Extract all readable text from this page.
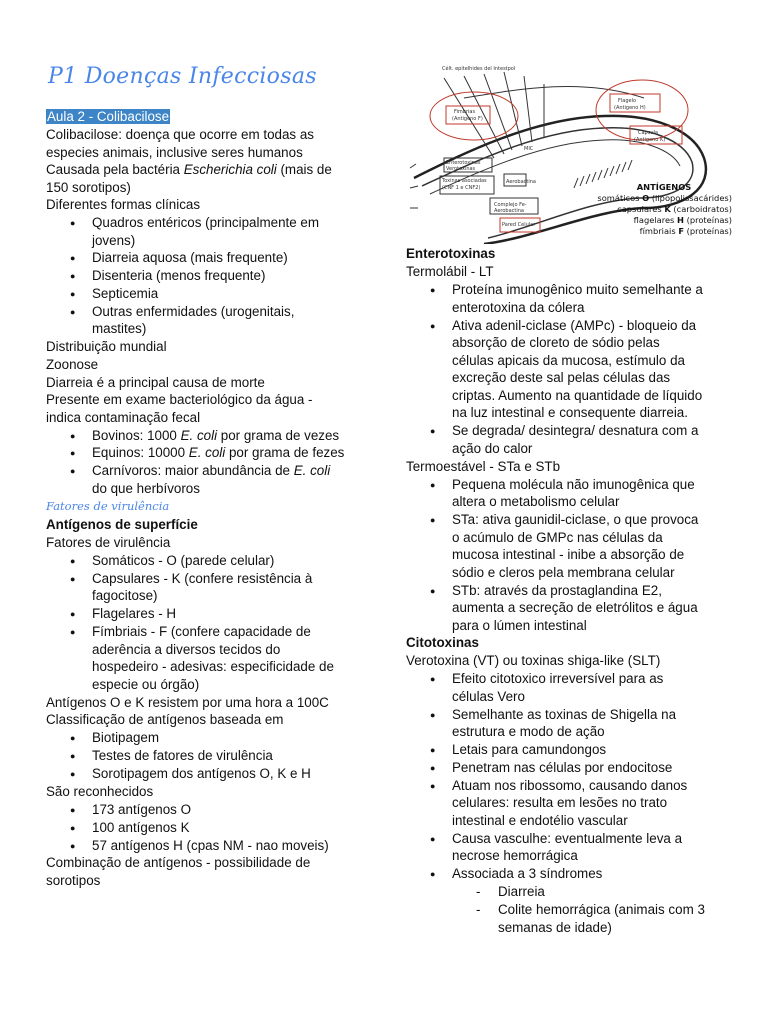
P1 Doenças Infecciosas
Aula 2 - Colibacilose
Colibacilose: doença que ocorre em todas as
especies animais, inclusive seres humanos
Causada pela bactéria Escherichia coli (mais de
150 sorotipos)
Diferentes formas clínicas
● Quadros entéricos (principalmente em
jovens)
● Diarreia aquosa (mais frequente)
● Disenteria (menos frequente)
● Septicemia
● Outras enfermidades (urogenitais,
mastites)
Distribuição mundial
Zoonose
Diarreia é a principal causa de morte
Presente em exame bacteriológico da água -
indica contaminação fecal
● Bovinos: 1000 E. coli por grama de vezes
● Equinos: 10000 E. coli por grama de fezes
● Carnívoros: maior abundância de E. coli
do que herbívoros
Fatores de virulência
Antígenos de superfície
Fatores de virulência
● Somáticos - O (parede celular)
● Capsulares - K (confere resistência à
fagocitose)
● Flagelares - H
● Fímbriais - F (confere capacidade de
aderência a diversos tecidos do
hospedeiro - adesivas: especificidade de
especie ou órgão)
Antígenos O e K resistem por uma hora a 100C
Classificação de antígenos baseada em
● Biotipagem
● Testes de fatores de virulência
● Sorotipagem dos antígenos O, K e H
São reconhecidos
● 173 antígenos O
● 100 antígenos K
● 57 antígenos H (cpas NM - nao moveis)
Combinação de antígenos - possibilidade de
sorotipos
Célt. epitelhides del Intestpol
Fimbrias
(Antigeno F)
Flagelo
(Antigeno H)
Cápsula
(Antigeno K)
Enterotoxinas
Verotoxinas
Toxinas asociadas
(CNF 1 e CNF2)
MIC
Aerobactina
Complejo Fe-
Aerobactina
Pared Celular
ANTÍGENOS
somáticos O (lipopolissacárides)
capsulares K (carboidratos)
flagelares H (proteínas)
fímbriais F (proteínas)
Enterotoxinas
Termolábil - LT
● Proteína imunogênico muito semelhante a
enterotoxina da cólera
● Ativa adenil-ciclase (AMPc) - bloqueio da
absorção de cloreto de sódio pelas
células apicais da mucosa, estímulo da
excreção deste sal pelas células das
criptas. Aumento na quantidade de líquido
na luz intestinal e consequente diarreia.
● Se degrada/ desintegra/ desnatura com a
ação do calor
Termoestável - STa e STb
● Pequena molécula não imunogênica que
altera o metabolismo celular
● STa: ativa gaunidil-ciclase, o que provoca
o acúmulo de GMPc nas células da
mucosa intestinal - inibe a absorção de
sódio e cleros pela membrana celular
● STb: através da prostaglandina E2,
aumenta a secreção de eletrólitos e água
para o lúmen intestinal
Citotoxinas
Verotoxina (VT) ou toxinas shiga-like (SLT)
● Efeito citotoxico irreversível para as
células Vero
● Semelhante as toxinas de Shigella na
estrutura e modo de ação
● Letais para camundongos
● Penetram nas células por endocitose
● Atuam nos ribossomo, causando danos
celulares: resulta em lesões no trato
intestinal e endotélio vascular
● Causa vasculhe: eventualmente leva a
necrose hemorrágica
● Associada a 3 síndromes
- Diarreia
- Colite hemorrágica (animais com 3
semanas de idade)
